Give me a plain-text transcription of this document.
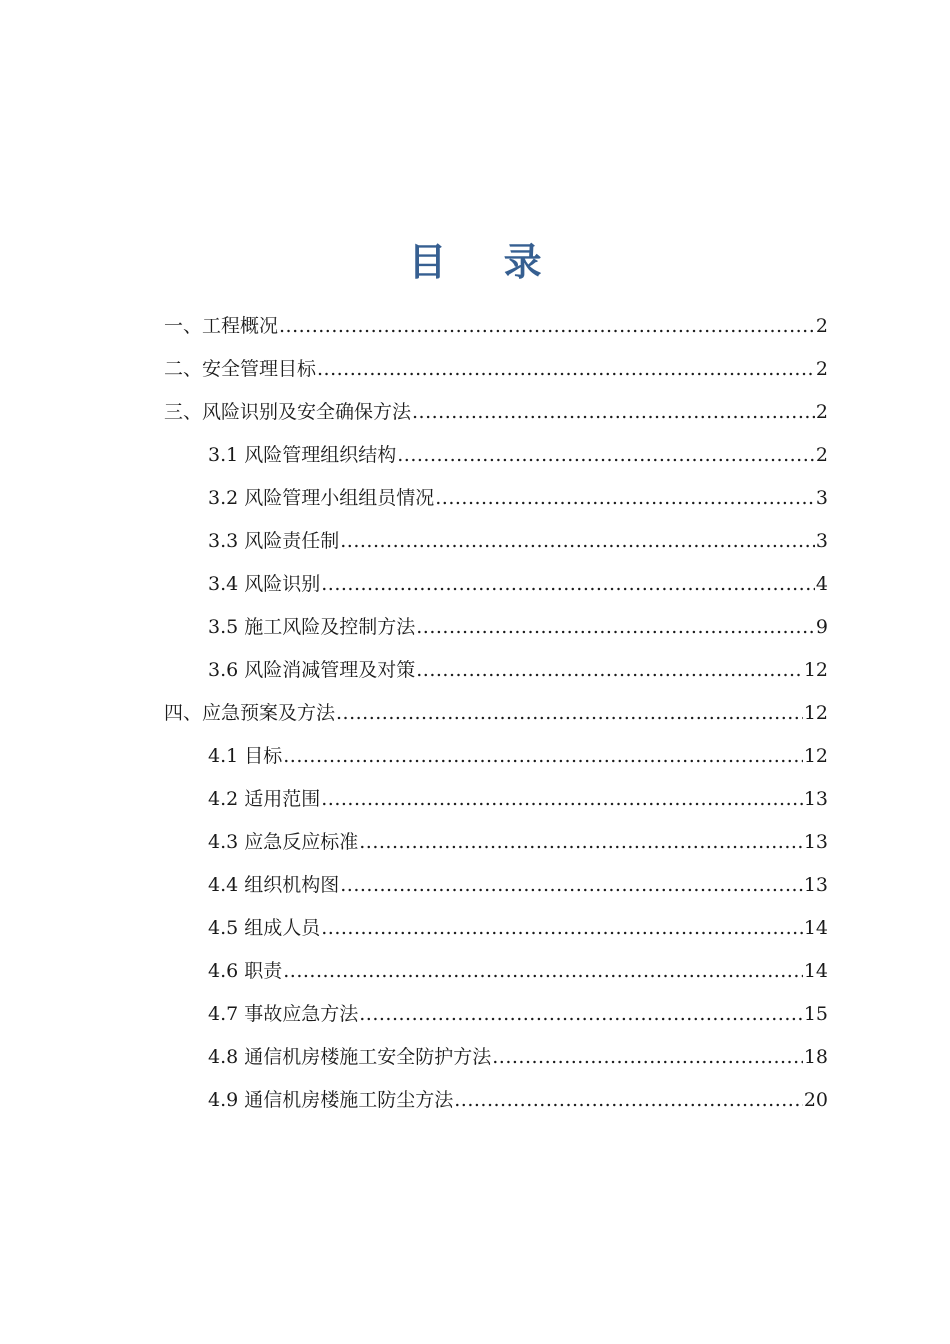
目 录
一、工程概况 .....	2
二、安全管理目标 .....	2
三、风险识别及安全确保方法 .....	2
3.1 风险管理组织结构 .....	2
3.2 风险管理小组组员情况 .....	3
3.3 风险责任制 .....	3
3.4 风险识别 .....	4
3.5 施工风险及控制方法 .....	9
3.6 风险消减管理及对策 .....	12
四、应急预案及方法 .....	12
4.1 目标 .....	12
4.2 适用范围 .....	13
4.3 应急反应标准 .....	13
4.4 组织机构图 .....	13
4.5 组成人员 .....	14
4.6 职责 .....	14
4.7 事故应急方法 .....	15
4.8 通信机房楼施工安全防护方法 .....	18
4.9 通信机房楼施工防尘方法 .....	20
